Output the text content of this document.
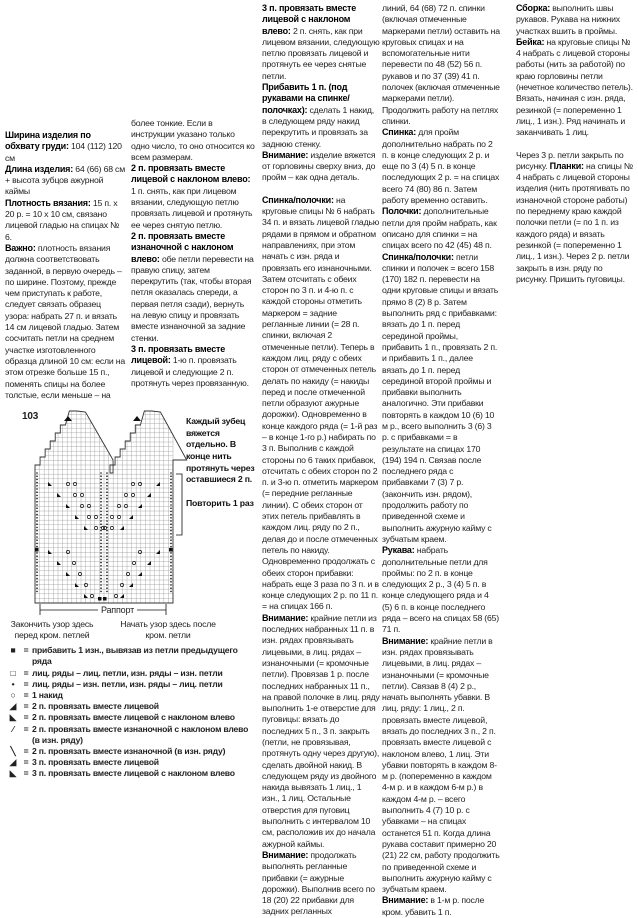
Ширина изделия по обхвату груди: 104 (112) 120 см

Длина изделия: 64 (66) 68 см + высота зубцов ажурной каймы

Плотность вязания: 15 п. х 20 р. = 10 х 10 см, связано лицевой гладью на спицах № 6.

Важно: плотность вязания должна соответствовать заданной, в первую очередь – по ширине. Поэтому, прежде чем приступать к работе, следует связать образец узора: набрать 27 п. и вязать 14 см лицевой гладью. Затем сосчитать петли на среднем участке изготовленного образца длиной 10 см: если на этом отрезке больше 15 п., поменять спицы на более толстые, если меньше – на

более тонкие. Если в инструкции указано только одно число, то оно относится ко всем размерам.

2 п. провязать вместе лицевой с наклоном влево: 1 п. снять, как при лицевом вязании, следующую петлю провязать лицевой и протянуть ее через снятую петлю.

2 п. провязать вместе изнаночной с наклоном влево: обе петли перевести на правую спицу, затем перекрутить (так, чтобы вторая петля оказалась спереди, а первая петля сзади), вернуть на левую спицу и провязать вместе изнаночной за задние стенки.

3 п. провязать вместе лицевой: 1-ю п. провязать лицевой и следующие 2 п. протянуть через провязанную.

103	Каждый зубец вяжется отдельно. В конце нить протянуть через оставшиеся 2 п.
Повторить 1 раз
Раппорт
Закончить узор здесь перед кром. петлей
Начать узор здесь после кром. петли
■ = прибавить 1 изн., вывязав из петли предыдущего ряда
□ = лиц. ряды – лиц. петли, изн. ряды – изн. петли
•	= лиц. ряды – изн. петли, изн. ряды – лиц. петли
○ = 1 накид
◢ = 2 п. провязать вместе лицевой
◣ = 2 п. провязать вместе лицевой с наклоном влево
⁄	= 2 п. провязать вместе изнаночной с наклоном влево (в изн. ряду)
╲ = 2 п. провязать вместе изнаночной (в изн. ряду)
◢ = 3 п. провязать вместе лицевой
◣ = 3 п. провязать вместе лицевой с наклоном влево

3 п. провязать вместе лицевой с наклоном влево: 2 п. снять, как при лицевом вязании, следующую петлю провязать лицевой и протянуть ее через снятые петли.

Прибавить 1 п. (под рукавами на спинке/полочках): сделать 1 накид, в следующем ряду накид перекрутить и провязать за заднюю стенку.

Внимание: изделие вяжется от горловины сверху вниз, до пройм – как одна деталь.

Спинка/полочки: на круговые спицы № 6 набрать 34 п. и вязать лицевой гладью рядами в прямом и обратном направлениях, при этом начать с изн. ряда и провязать его изнаночными. Затем отсчитать с обеих сторон по 3 п. и 4-ю п. с каждой стороны отметить маркером = задние регланные линии (= 28 п. спинки, включая 2 отмеченные петли). Теперь в каждом лиц. ряду с обеих сторон от отмеченных петель делать по накиду (= накиды перед и после отмеченной петли образуют ажурные дорожки). Одновременно в конце каждого ряда (= 1-й раз – в конце 1-го р.) набирать по 3 п. Выполнив с каждой стороны по 6 таких прибавок, отсчитать с обеих сторон по 2 п. и 3-ю п. отметить маркером (= передние регланные линии). С обеих сторон от этих петель прибавлять в каждом лиц. ряду по 2 п., делая до и после отмеченных петель по накиду. Одновременно продолжать с обеих сторон прибавки: набрать еще 3 раза по 3 п. и в конце следующих 2 р. по 11 п. = на спицах 166 п.

Внимание: крайние петли из последних набранных 11 п. в изн. рядах провязывать лицевыми, в лиц. рядах – изнаночными (= кромочные петли). Провязав 1 р. после последних набранных 11 п., на правой полочке в лиц. ряду выполнить 1-е отверстие для пуговицы: вязать до последних 5 п., 3 п. закрыть (петли, не провязывая, протянуть одну через другую), сделать двойной накид. В следующем ряду из двойного накида вывязать 1 лиц., 1 изн., 1 лиц. Остальные отверстия для пуговиц выполнить с интервалом 10 см, расположив их до начала ажурной каймы.

Внимание: продолжать выполнять регланные прибавки (= ажурные дорожки). Выполнив всего по 18 (20) 22 прибавки для задних регланных

линий, 64 (68) 72 п. спинки (включая отмеченные маркерами петли) оставить на круговых спицах и на вспомогательные нити перевести по 48 (52) 56 п. рукавов и по 37 (39) 41 п. полочек (включая отмеченные маркерами петли). Продолжить работу на петлях спинки.

Спинка: для пройм дополнительно набрать по 2 п. в конце следующих 2 р. и еще по 3 (4) 5 п. в конце последующих 2 р. = на спицах всего 74 (80) 86 п. Затем работу временно оставить.

Полочки: дополнительные петли для пройм набрать, как описано для спинки = на спицах всего по 42 (45) 48 п.

Спинка/полочки: петли спинки и полочек = всего 158 (170) 182 п. перевести на одни круговые спицы и вязать прямо 8 (2) 8 р. Затем выполнить ряд с прибавками: вязать до 1 п. перед серединой проймы, прибавить 1 п., провязать 2 п. и прибавить 1 п., далее вязать до 1 п. перед серединой второй проймы и прибавки выполнить аналогично. Эти прибавки повторять в каждом 10 (6) 10 м р., всего выполнить 3 (6) 3 р. с прибавками = в результате на спицах 170 (194) 194 п. Связав после последнего ряда с прибавками 7 (3) 7 р. (закончить изн. рядом), продолжить работу по приведенной схеме и выполнить ажурную кайму с зубчатым краем.

Рукава: набрать дополнительные петли для проймы: по 2 п. в конце следующих 2 р., 3 (4) 5 п. в конце следующего ряда и 4 (5) 6 п. в конце последнего ряда – всего на спицах 58 (65) 71 п.

Внимание: крайние петли в изн. рядах провязывать лицевыми, в лиц. рядах – изнаночными (= кромочные петли). Связав 8 (4) 2 р., начать выполнять убавки. В лиц. ряду: 1 лиц., 2 п. провязать вместе лицевой, вязать до последних 3 п., 2 п. провязать вместе лицевой с наклоном влево, 1 лиц. Эти убавки повторять в каждом 8-м р. (попеременно в каждом 4-м р. и в каждом 6-м р.) в каждом 4-м р. – всего выполнить 4 (7) 10 р. с убавками – на спицах останется 51 п. Когда длина рукава составит примерно 20 (21) 22 см, работу продолжить по приведенной схеме и выполнить ажурную кайму с зубчатым краем.

Внимание: в 1-м р. после кром. убавить 1 п.

Сборка: выполнить швы рукавов. Рукава на нижних участках вшить в проймы.

Бейка: на круговые спицы № 4 набрать с лицевой стороны работы (нить за работой) по краю горловины петли (нечетное количество петель). Вязать, начиная с изн. ряда, резинкой (= попеременно 1 лиц., 1 изн.). Ряд начинать и заканчивать 1 лиц.

Через 3 р. петли закрыть по рисунку. Планки: на спицы № 4 набрать с лицевой стороны изделия (нить протягивать по изнаночной стороне работы) по переднему краю каждой полочки петли (= по 1 п. из каждого ряда) и вязать резинкой (= попеременно 1 лиц., 1 изн.). Через 2 р. петли закрыть в изн. ряду по рисунку. Пришить пуговицы.
